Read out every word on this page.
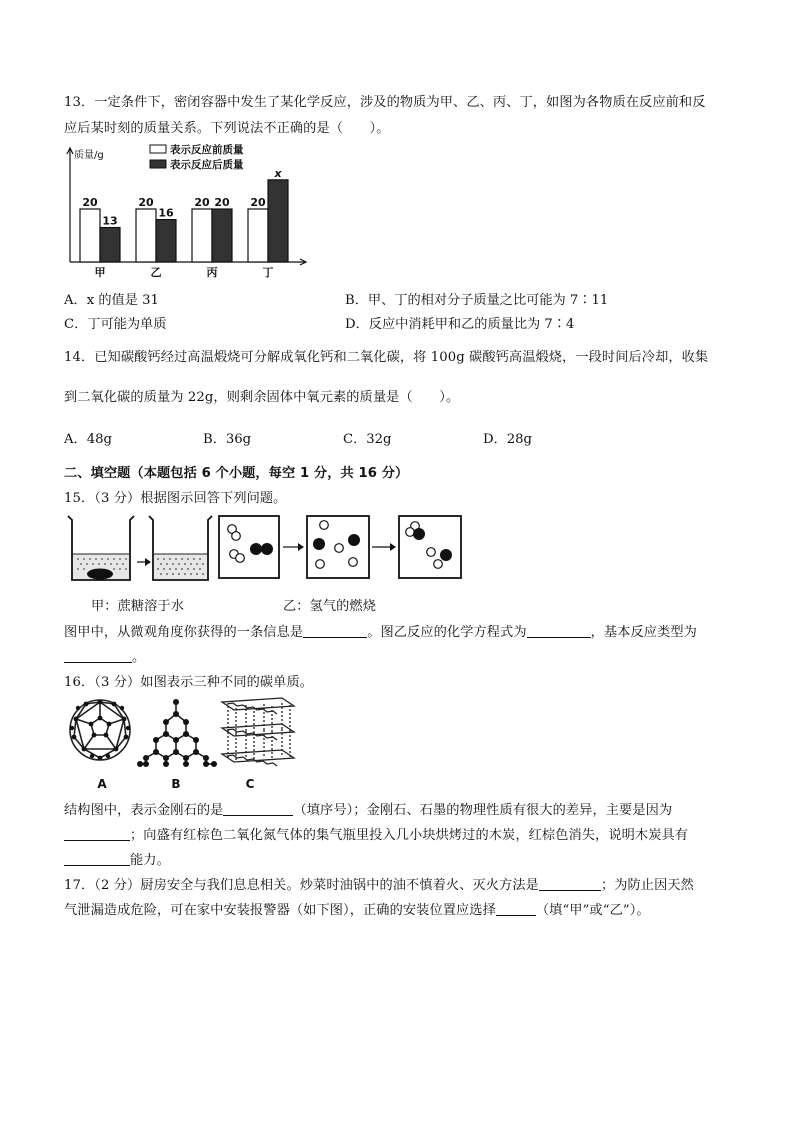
13．一定条件下，密闭容器中发生了某化学反应，涉及的物质为甲、乙、丙、丁，如图为各物质在反应前和反
应后某时刻的质量关系。下列说法不正确的是（　　）。
质量/g	表示反应前质量
表示反应后质量
20
13
甲
20
16
乙
20 20
丙
20
x
丁
A．x 的值是 31	B．甲、丁的相对分子质量之比可能为 7∶11
C．丁可能为单质	D．反应中消耗甲和乙的质量比为 7∶4
14．已知碳酸钙经过高温煅烧可分解成氧化钙和二氧化碳，将 100g 碳酸钙高温煅烧，一段时间后冷却，收集
到二氧化碳的质量为 22g，则剩余固体中氧元素的质量是（　　）。
A．48g	B．36g	C．32g	D．28g
二、填空题（本题包括 6 个小题，每空 1 分，共 16 分）
15．（3 分）根据图示回答下列问题。
甲：蔗糖溶于水	乙：氢气的燃烧
图甲中，从微观角度你获得的一条信息是	。图乙反应的化学方程式为	，基本反应类型为
。
16．（3 分）如图表示三种不同的碳单质。
A	B	C
结构图中，表示金刚石的是	（填序号）；金刚石、石墨的物理性质有很大的差异，主要是因为
；向盛有红棕色二氧化氮气体的集气瓶里投入几小块烘烤过的木炭，红棕色消失，说明木炭具有
能力。
17．（2 分）厨房安全与我们息息相关。炒菜时油锅中的油不慎着火、灭火方法是	；为防止因天然
气泄漏造成危险，可在家中安装报警器（如下图），正确的安装位置应选择	（填“甲”或“乙”）。
